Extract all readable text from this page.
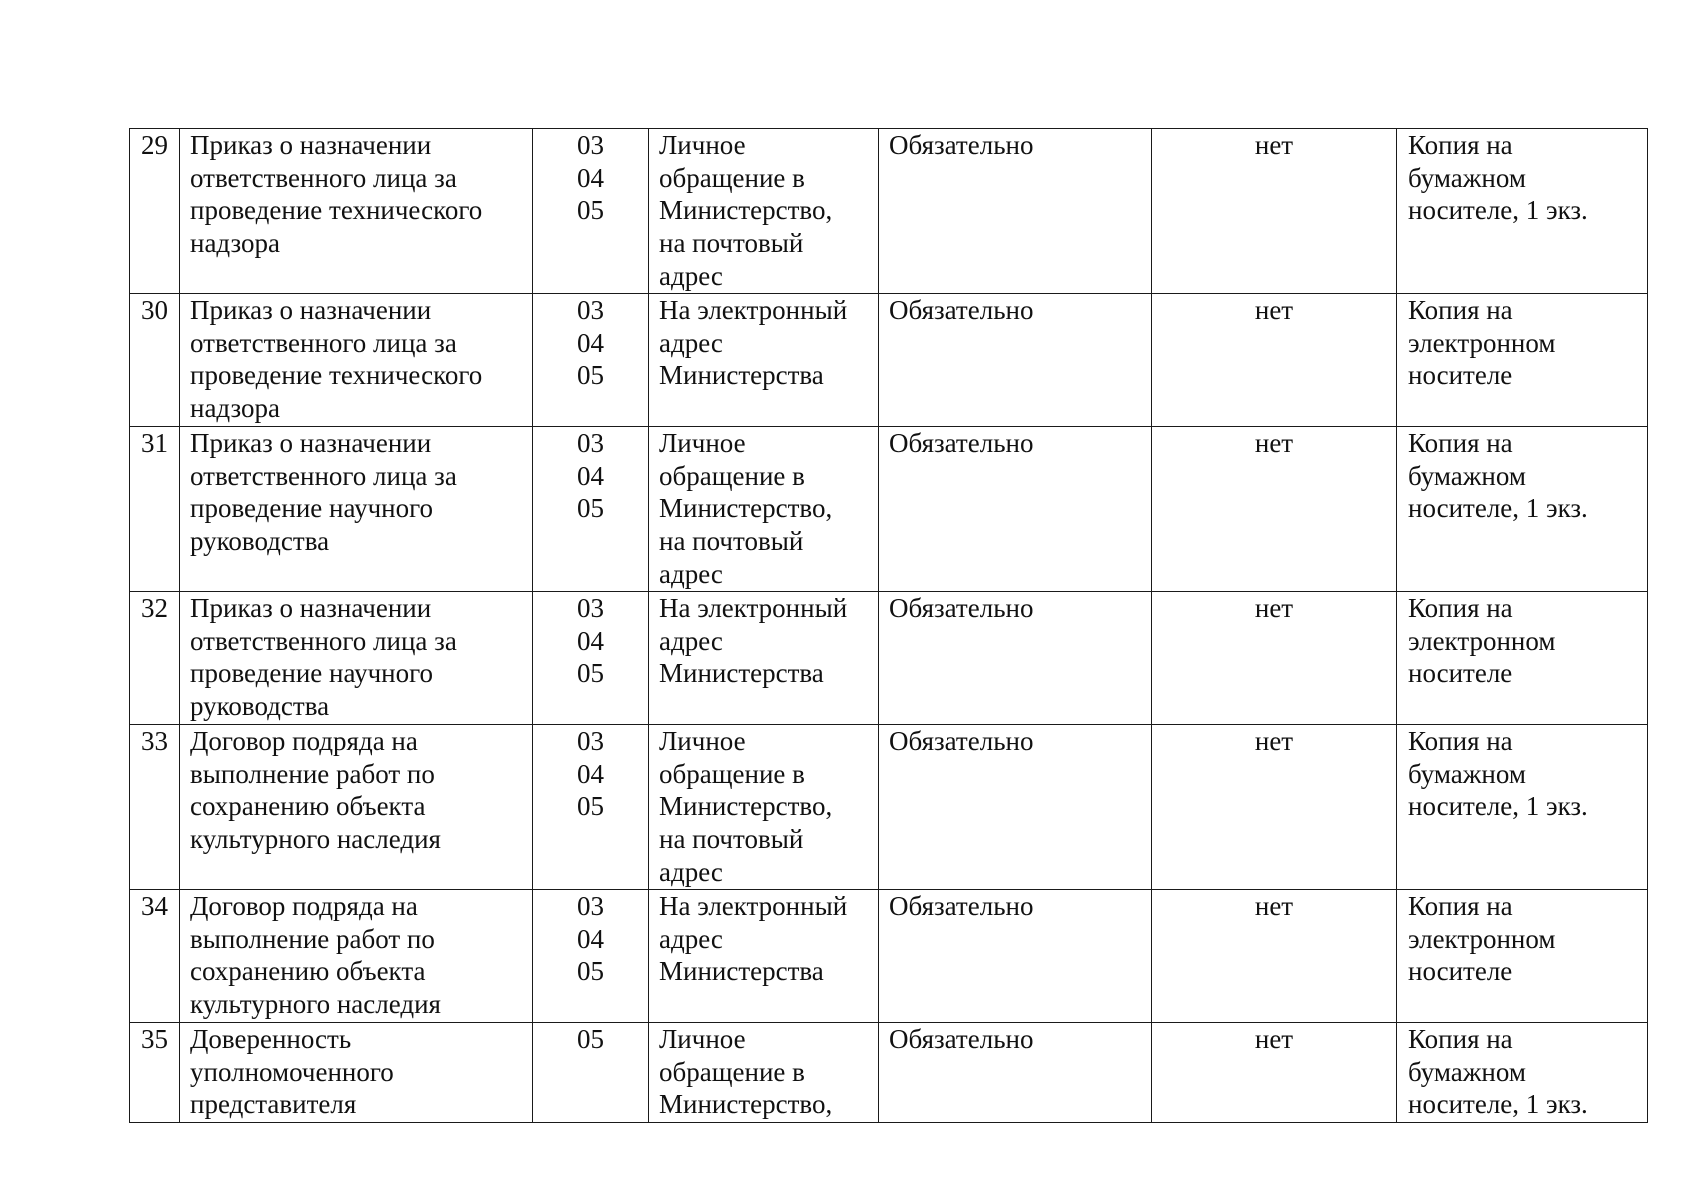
29	Приказ о назначении
ответственного лица за
проведение технического
надзора	03
04
05	Личное
обращение в
Министерство,
на почтовый
адрес	Обязательно	нет	Копия на
бумажном
носителе, 1 экз.

30	Приказ о назначении
ответственного лица за
проведение технического
надзора	03
04
05	На электронный
адрес
Министерства	Обязательно	нет	Копия на
электронном
носителе

31	Приказ о назначении
ответственного лица за
проведение научного
руководства	03
04
05	Личное
обращение в
Министерство,
на почтовый
адрес	Обязательно	нет	Копия на
бумажном
носителе, 1 экз.

32	Приказ о назначении
ответственного лица за
проведение научного
руководства	03
04
05	На электронный
адрес
Министерства	Обязательно	нет	Копия на
электронном
носителе

33	Договор подряда на
выполнение работ по
сохранению объекта
культурного наследия	03
04
05	Личное
обращение в
Министерство,
на почтовый
адрес	Обязательно	нет	Копия на
бумажном
носителе, 1 экз.

34	Договор подряда на
выполнение работ по
сохранению объекта
культурного наследия	03
04
05	На электронный
адрес
Министерства	Обязательно	нет	Копия на
электронном
носителе

35	Доверенность
уполномоченного
представителя	05	Личное
обращение в
Министерство,	Обязательно	нет	Копия на
бумажном
носителе, 1 экз.
